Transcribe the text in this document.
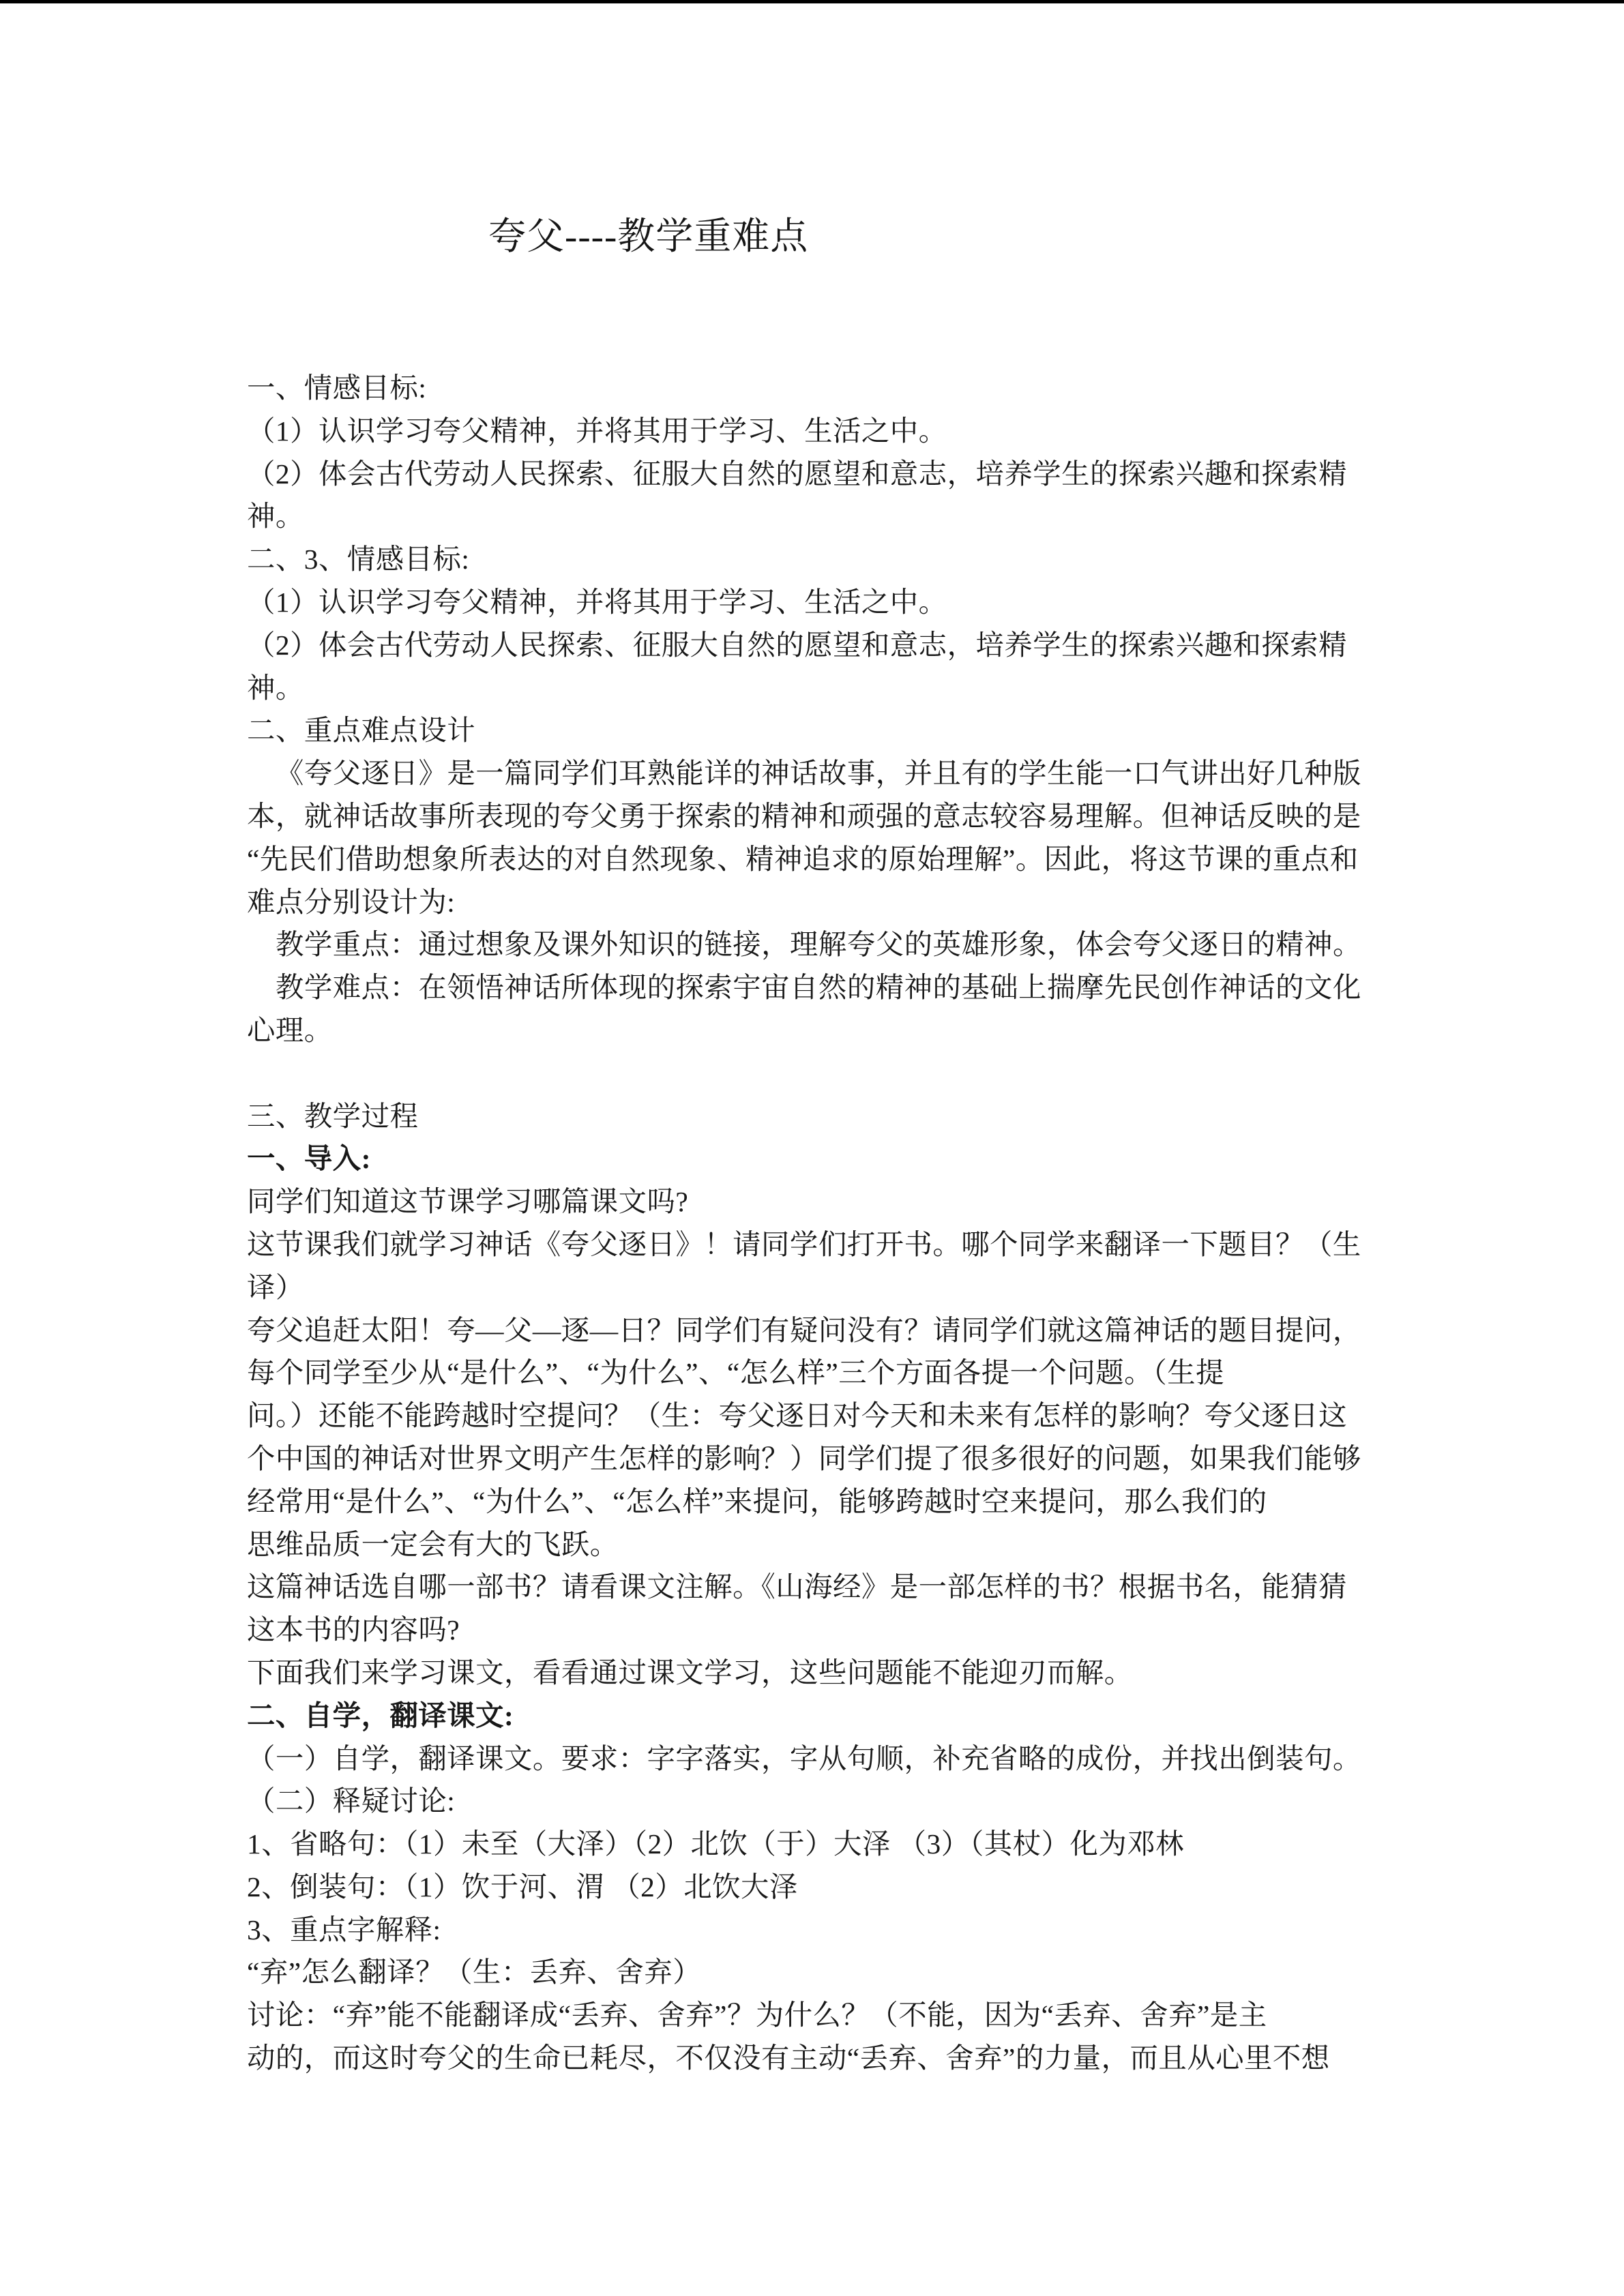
夸父----教学重难点
一、情感目标:
（1）认识学习夸父精神，并将其用于学习、生活之中。
（2）体会古代劳动人民探索、征服大自然的愿望和意志，培养学生的探索兴趣和探索精
神。
二、3、情感目标:
（1）认识学习夸父精神，并将其用于学习、生活之中。
（2）体会古代劳动人民探索、征服大自然的愿望和意志，培养学生的探索兴趣和探索精
神。
二、重点难点设计
《夸父逐日》是一篇同学们耳熟能详的神话故事，并且有的学生能一口气讲出好几种版
本，就神话故事所表现的夸父勇于探索的精神和顽强的意志较容易理解。但神话反映的是
“先民们借助想象所表达的对自然现象、精神追求的原始理解”。因此，将这节课的重点和
难点分别设计为:
教学重点：通过想象及课外知识的链接，理解夸父的英雄形象，体会夸父逐日的精神。
教学难点：在领悟神话所体现的探索宇宙自然的精神的基础上揣摩先民创作神话的文化
心理。

三、教学过程
一、导入:
同学们知道这节课学习哪篇课文吗?
这节课我们就学习神话《夸父逐日》！请同学们打开书。哪个同学来翻译一下题目？（生
译）
夸父追赶太阳！夸—父—逐—日？同学们有疑问没有？请同学们就这篇神话的题目提问，
每个同学至少从“是什么”、“为什么”、“怎么样”三个方面各提一个问题。（生提
问。）还能不能跨越时空提问？（生：夸父逐日对今天和未来有怎样的影响？夸父逐日这
个中国的神话对世界文明产生怎样的影响？）同学们提了很多很好的问题，如果我们能够
经常用“是什么”、“为什么”、“怎么样”来提问，能够跨越时空来提问，那么我们的
思维品质一定会有大的飞跃。
这篇神话选自哪一部书？请看课文注解。《山海经》是一部怎样的书？根据书名，能猜猜
这本书的内容吗?
下面我们来学习课文，看看通过课文学习，这些问题能不能迎刃而解。
二、自学，翻译课文:
（一）自学，翻译课文。要求：字字落实，字从句顺，补充省略的成份，并找出倒装句。
（二）释疑讨论:
1、省略句：（1）未至（大泽）（2）北饮（于）大泽 （3）（其杖）化为邓林
2、倒装句：（1）饮于河、渭 （2）北饮大泽
3、重点字解释:
“弃”怎么翻译？（生：丢弃、舍弃）
讨论：“弃”能不能翻译成“丢弃、舍弃”？为什么？（不能，因为“丢弃、舍弃”是主
动的，而这时夸父的生命已耗尽，不仅没有主动“丢弃、舍弃”的力量，而且从心里不想
